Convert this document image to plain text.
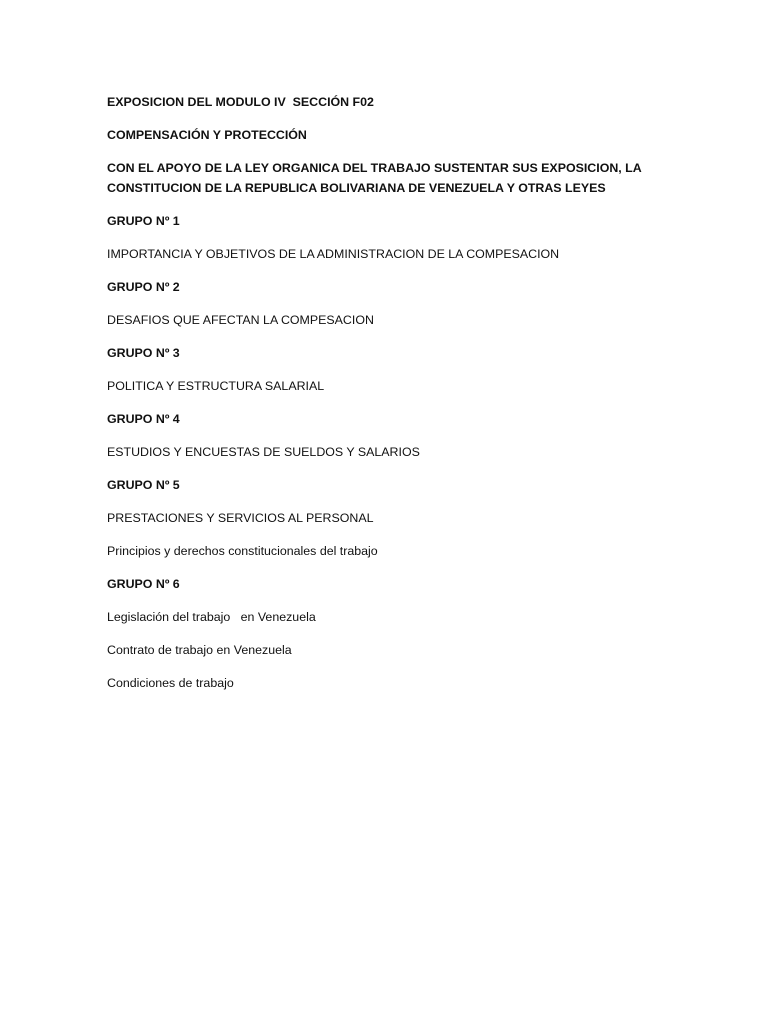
EXPOSICION DEL MODULO IV  SECCIÓN F02

COMPENSACIÓN Y PROTECCIÓN

CON EL APOYO DE LA LEY ORGANICA DEL TRABAJO SUSTENTAR SUS EXPOSICION, LA

CONSTITUCION DE LA REPUBLICA BOLIVARIANA DE VENEZUELA Y OTRAS LEYES

GRUPO Nº 1

IMPORTANCIA Y OBJETIVOS DE LA ADMINISTRACION DE LA COMPESACION

GRUPO Nº 2

DESAFIOS QUE AFECTAN LA COMPESACION

GRUPO Nº 3

POLITICA Y ESTRUCTURA SALARIAL

GRUPO Nº 4

ESTUDIOS Y ENCUESTAS DE SUELDOS Y SALARIOS

GRUPO Nº 5

PRESTACIONES Y SERVICIOS AL PERSONAL

Principios y derechos constitucionales del trabajo

GRUPO Nº 6

Legislación del trabajo   en Venezuela

Contrato de trabajo en Venezuela

Condiciones de trabajo
